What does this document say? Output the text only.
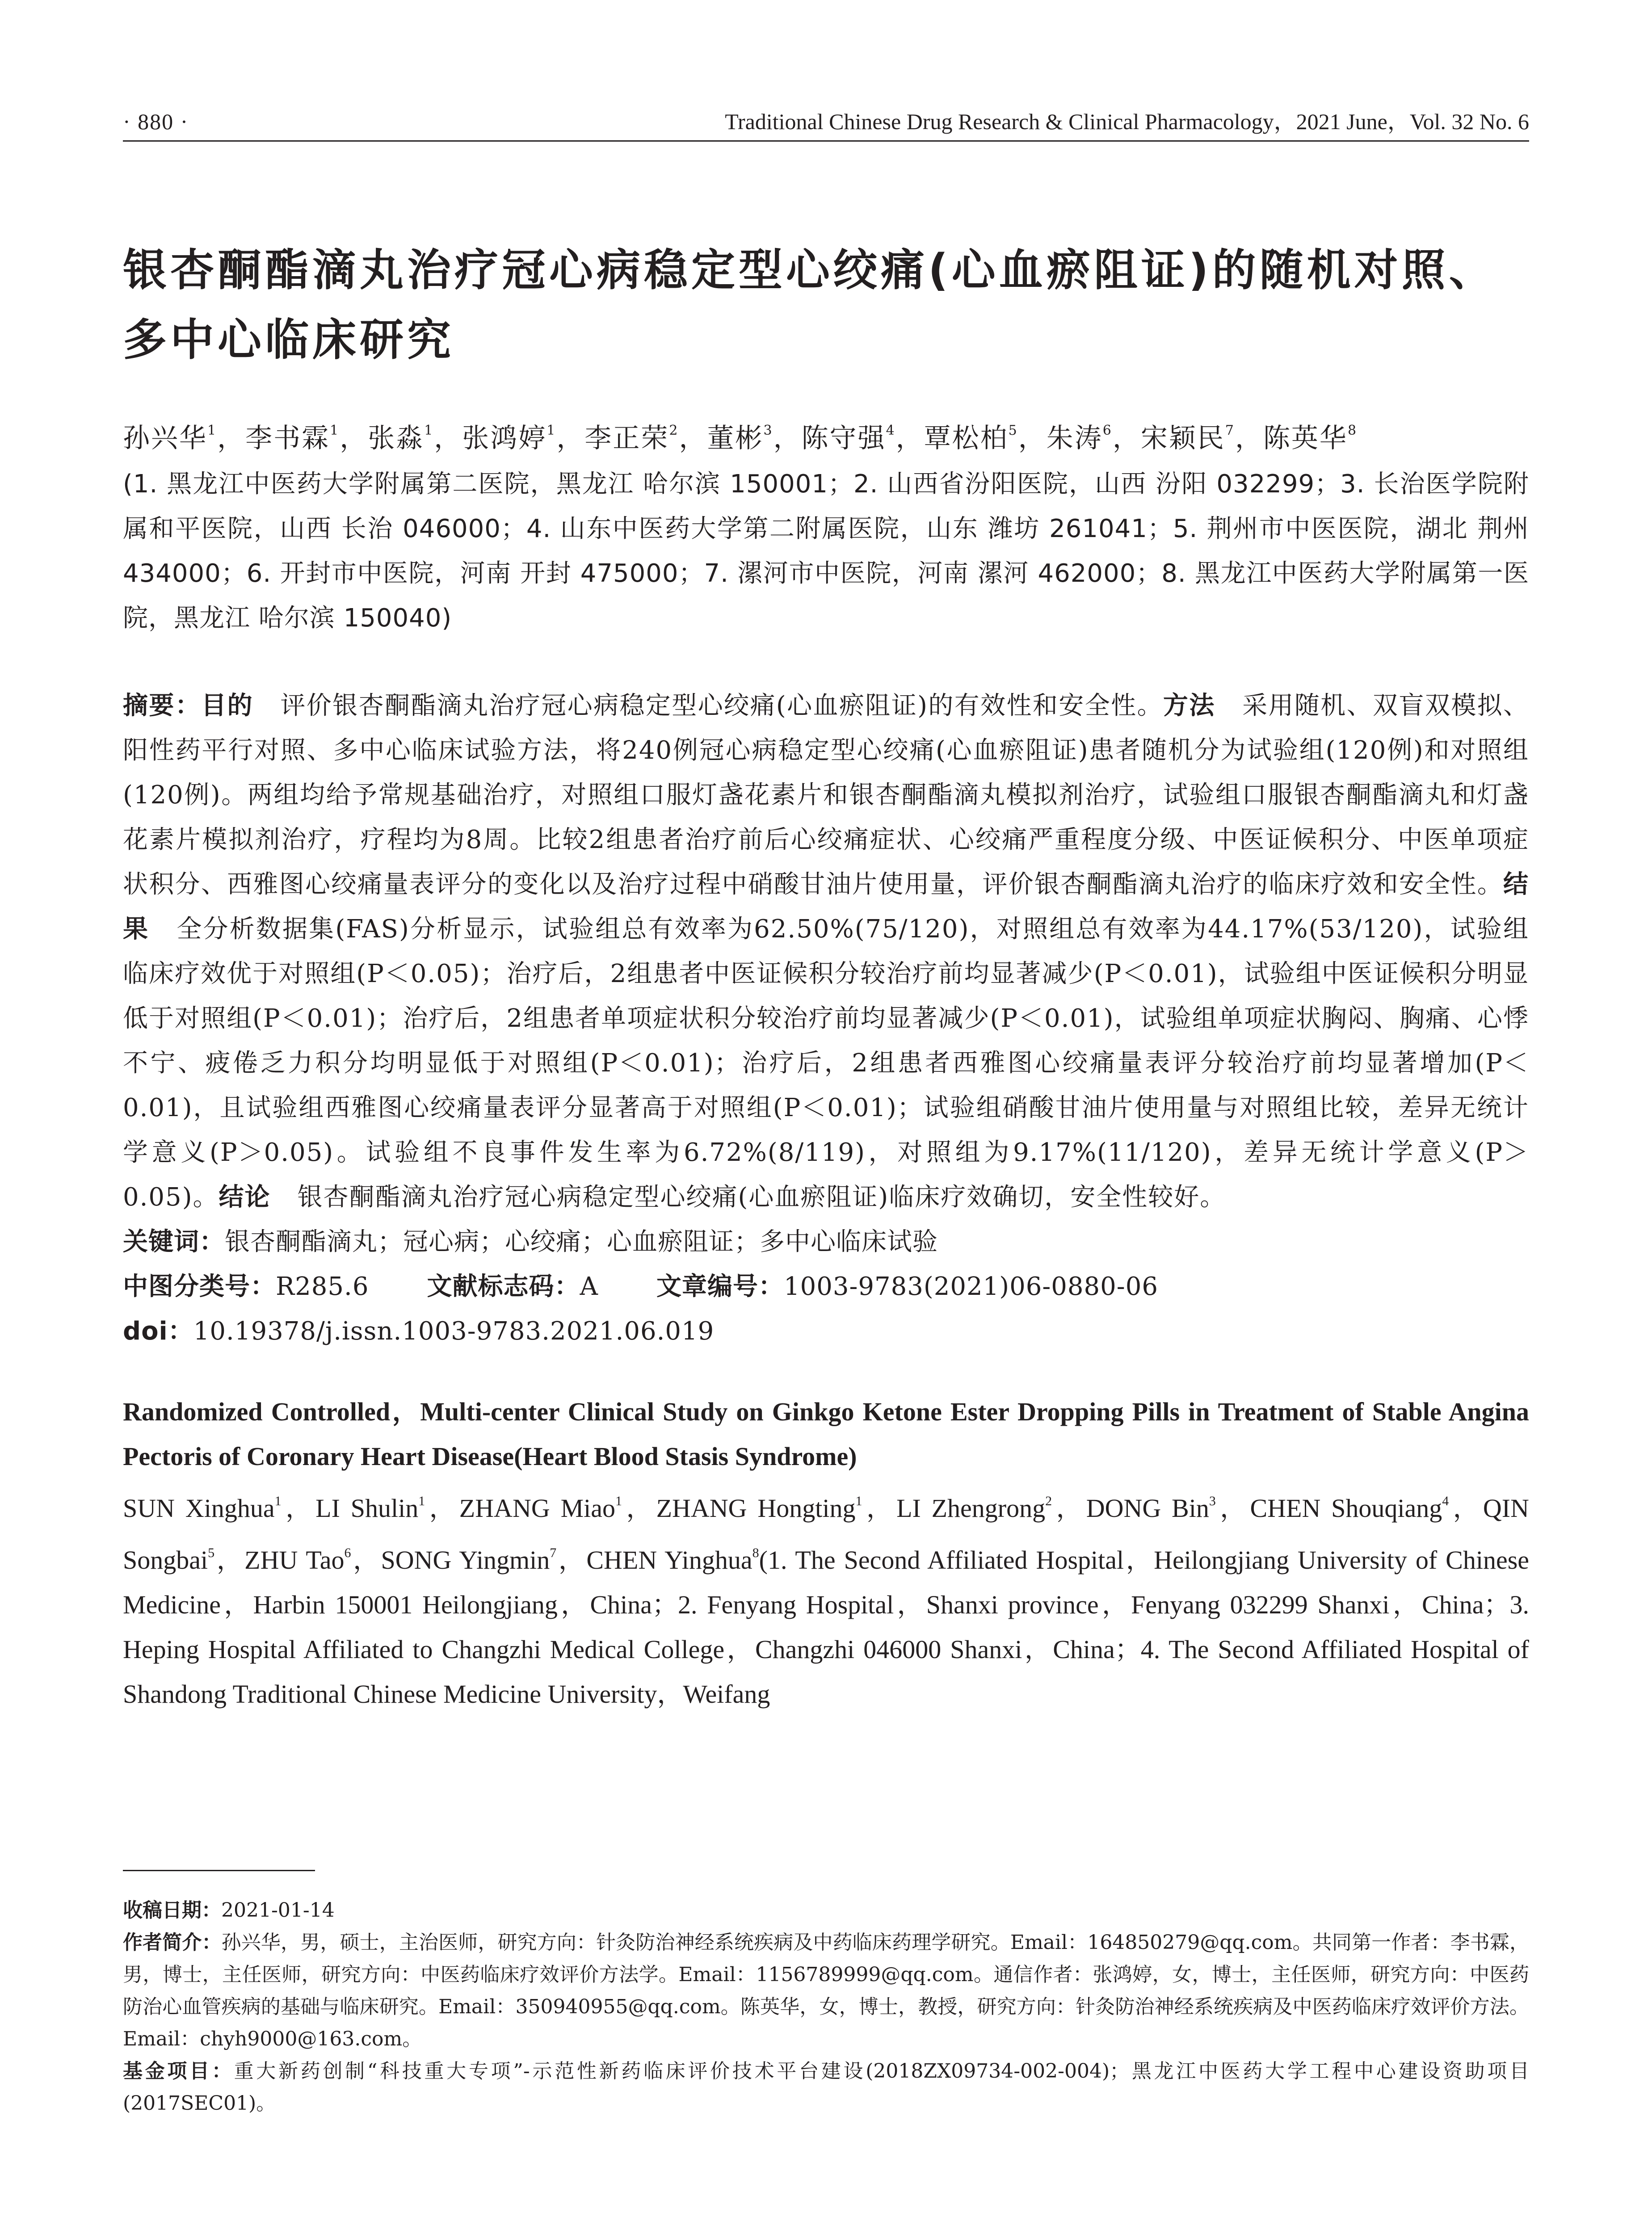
· 880 ·	Traditional Chinese Drug Research & Clinical Pharmacology，2021 June，Vol. 32 No. 6
银杏酮酯滴丸治疗冠心病稳定型心绞痛(心血瘀阻证)的随机对照、多中心临床研究
孙兴华$^1$，李书霖$^1$，张淼$^1$，张鸿婷$^1$，李正荣$^2$，董彬$^3$，陈守强$^4$，覃松柏$^5$，朱涛$^6$，宋颖民$^7$，陈英华$^8$
(1. 黑龙江中医药大学附属第二医院，黑龙江 哈尔滨 150001；2. 山西省汾阳医院，山西 汾阳 032299；3. 长治医学院附属和平医院，山西 长治 046000；4. 山东中医药大学第二附属医院，山东 潍坊 261041；5. 荆州市中医医院，湖北 荆州 434000；6. 开封市中医院，河南 开封 475000；7. 漯河市中医院，河南 漯河 462000；8. 黑龙江中医药大学附属第一医院，黑龙江 哈尔滨 150040)
摘要：目的 评价银杏酮酯滴丸治疗冠心病稳定型心绞痛(心血瘀阻证)的有效性和安全性。方法 采用随机、双盲双模拟、阳性药平行对照、多中心临床试验方法，将240例冠心病稳定型心绞痛(心血瘀阻证)患者随机分为试验组(120例)和对照组(120例)。两组均给予常规基础治疗，对照组口服灯盏花素片和银杏酮酯滴丸模拟剂治疗，试验组口服银杏酮酯滴丸和灯盏花素片模拟剂治疗，疗程均为8周。比较2组患者治疗前后心绞痛症状、心绞痛严重程度分级、中医证候积分、中医单项症状积分、西雅图心绞痛量表评分的变化以及治疗过程中硝酸甘油片使用量，评价银杏酮酯滴丸治疗的临床疗效和安全性。结果 全分析数据集(FAS)分析显示，试验组总有效率为62.50%(75/120)，对照组总有效率为44.17%(53/120)，试验组临床疗效优于对照组(P＜0.05)；治疗后，2组患者中医证候积分较治疗前均显著减少(P＜0.01)，试验组中医证候积分明显低于对照组(P＜0.01)；治疗后，2组患者单项症状积分较治疗前均显著减少(P＜0.01)，试验组单项症状胸闷、胸痛、心悸不宁、疲倦乏力积分均明显低于对照组(P＜0.01)；治疗后，2组患者西雅图心绞痛量表评分较治疗前均显著增加(P＜0.01)，且试验组西雅图心绞痛量表评分显著高于对照组(P＜0.01)；试验组硝酸甘油片使用量与对照组比较，差异无统计学意义(P＞0.05)。试验组不良事件发生率为6.72%(8/119)，对照组为9.17%(11/120)，差异无统计学意义(P＞0.05)。结论 银杏酮酯滴丸治疗冠心病稳定型心绞痛(心血瘀阻证)临床疗效确切，安全性较好。
关键词：银杏酮酯滴丸；冠心病；心绞痛；心血瘀阻证；多中心临床试验
中图分类号：R285.6 文献标志码：A 文章编号：1003-9783(2021)06-0880-06
doi：10.19378/j.issn.1003-9783.2021.06.019
Randomized Controlled，Multi-center Clinical Study on Ginkgo Ketone Ester Dropping Pills in Treatment of Stable Angina Pectoris of Coronary Heart Disease(Heart Blood Stasis Syndrome)
SUN Xinghua$^1$，LI Shulin$^1$，ZHANG Miao$^1$，ZHANG Hongting$^1$，LI Zhengrong$^2$，DONG Bin$^3$，CHEN Shouqiang$^4$，QIN Songbai$^5$，ZHU Tao$^6$，SONG Yingmin$^7$，CHEN Yinghua$^8$(1. The Second Affiliated Hospital，Heilongjiang University of Chinese Medicine，Harbin 150001 Heilongjiang，China；2. Fenyang Hospital，Shanxi province，Fenyang 032299 Shanxi，China；3. Heping Hospital Affiliated to Changzhi Medical College，Changzhi 046000 Shanxi，China；4. The Second Affiliated Hospital of Shandong Traditional Chinese Medicine University，Weifang
收稿日期：2021-01-14
作者简介：孙兴华，男，硕士，主治医师，研究方向：针灸防治神经系统疾病及中药临床药理学研究。Email：164850279@qq.com。共同第一作者：李书霖，男，博士，主任医师，研究方向：中医药临床疗效评价方法学。Email：1156789999@qq.com。通信作者：张鸿婷，女，博士，主任医师，研究方向：中医药防治心血管疾病的基础与临床研究。Email：350940955@qq.com。陈英华，女，博士，教授，研究方向：针灸防治神经系统疾病及中医药临床疗效评价方法。Email：chyh9000@163.com。
基金项目：重大新药创制“科技重大专项”-示范性新药临床评价技术平台建设(2018ZX09734-002-004)；黑龙江中医药大学工程中心建设资助项目(2017SEC01)。
